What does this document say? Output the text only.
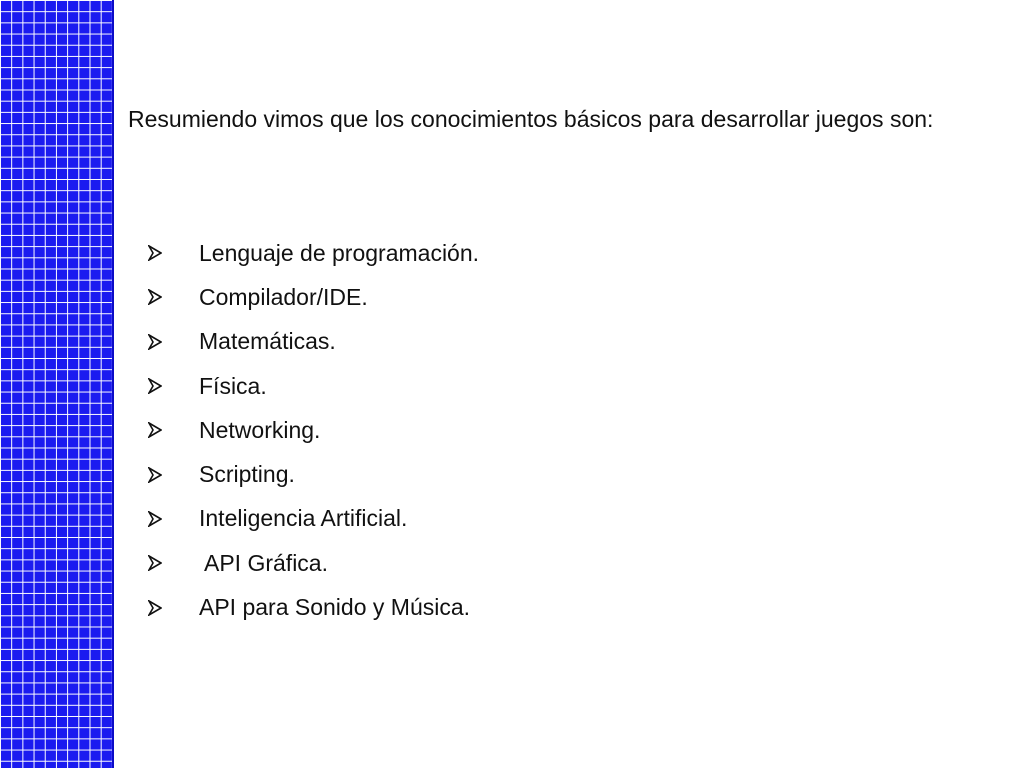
Resumiendo vimos que los conocimientos básicos para desarrollar juegos son:

Lenguaje de programación.
Compilador/IDE.
Matemáticas.
Física.
Networking.
Scripting.
Inteligencia Artificial.
API Gráfica.
API para Sonido y Música.
